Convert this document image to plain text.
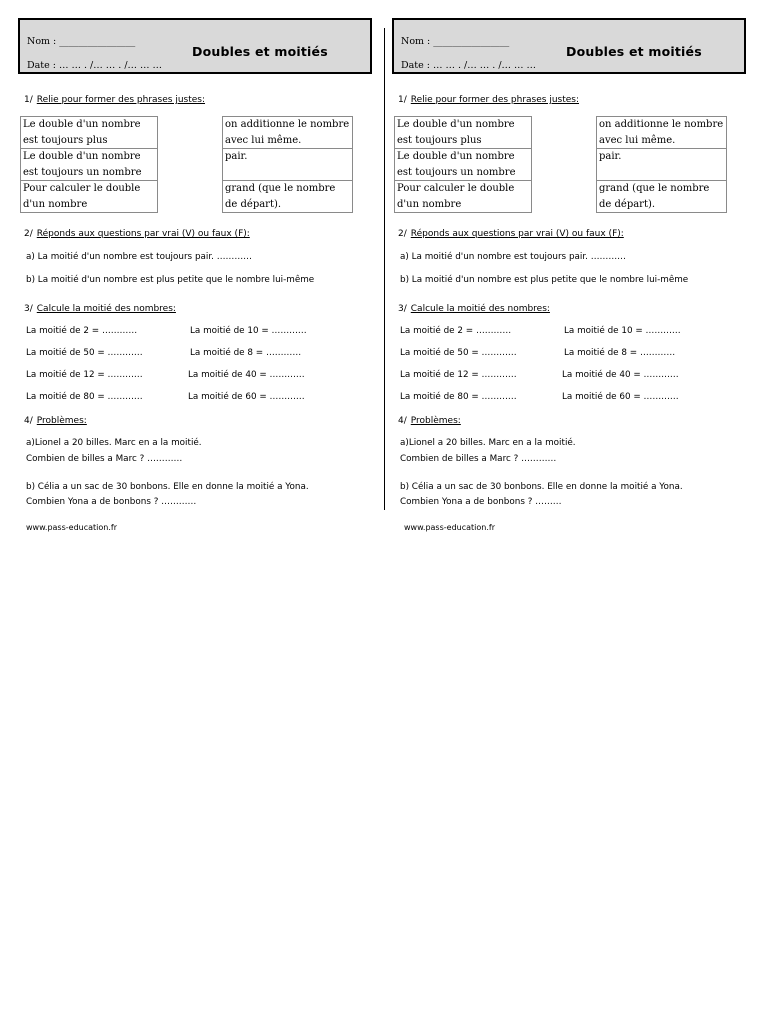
Nom : ________________
Date : … … . /… … . /… … …
Doubles et moitiés
1/ Relie pour former des phrases justes:
Le double d'un nombre
est toujours plus		on additionne le nombre
avec lui même.
Le double d'un nombre
est toujours un nombre		pair.

Pour calculer le double
d'un nombre		grand (que le nombre
de départ).
2/ Réponds aux questions par vrai (V) ou faux (F):
a) La moitié d'un nombre est toujours pair. …………
b) La moitié d'un nombre est plus petite que le nombre lui-même
3/ Calcule la moitié des nombres:
La moitié de 2 = …………	La moitié de 10 = …………
La moitié de 50 = …………	La moitié de 8 = …………
La moitié de 12 = …………	La moitié de 40 = …………
La moitié de 80 = …………	La moitié de 60 = …………
4/ Problèmes:
a)Lionel a 20 billes. Marc en a la moitié.
Combien de billes a Marc ? …………
b) Célia a un sac de 30 bonbons. Elle en donne la moitié a Yona.
Combien Yona a de bonbons ? …………
www.pass-education.fr
Nom : ________________
Date : … … . /… … . /… … …
Doubles et moitiés
1/ Relie pour former des phrases justes:
Le double d'un nombre
est toujours plus		on additionne le nombre
avec lui même.
Le double d'un nombre
est toujours un nombre		pair.

Pour calculer le double
d'un nombre		grand (que le nombre
de départ).
2/ Réponds aux questions par vrai (V) ou faux (F):
a) La moitié d'un nombre est toujours pair. …………
b) La moitié d'un nombre est plus petite que le nombre lui-même
3/ Calcule la moitié des nombres:
La moitié de 2 = …………	La moitié de 10 = …………
La moitié de 50 = …………	La moitié de 8 = …………
La moitié de 12 = …………	La moitié de 40 = …………
La moitié de 80 = …………	La moitié de 60 = …………
4/ Problèmes:
a)Lionel a 20 billes. Marc en a la moitié.
Combien de billes a Marc ? …………
b) Célia a un sac de 30 bonbons. Elle en donne la moitié a Yona.
Combien Yona a de bonbons ? ………
www.pass-education.fr
